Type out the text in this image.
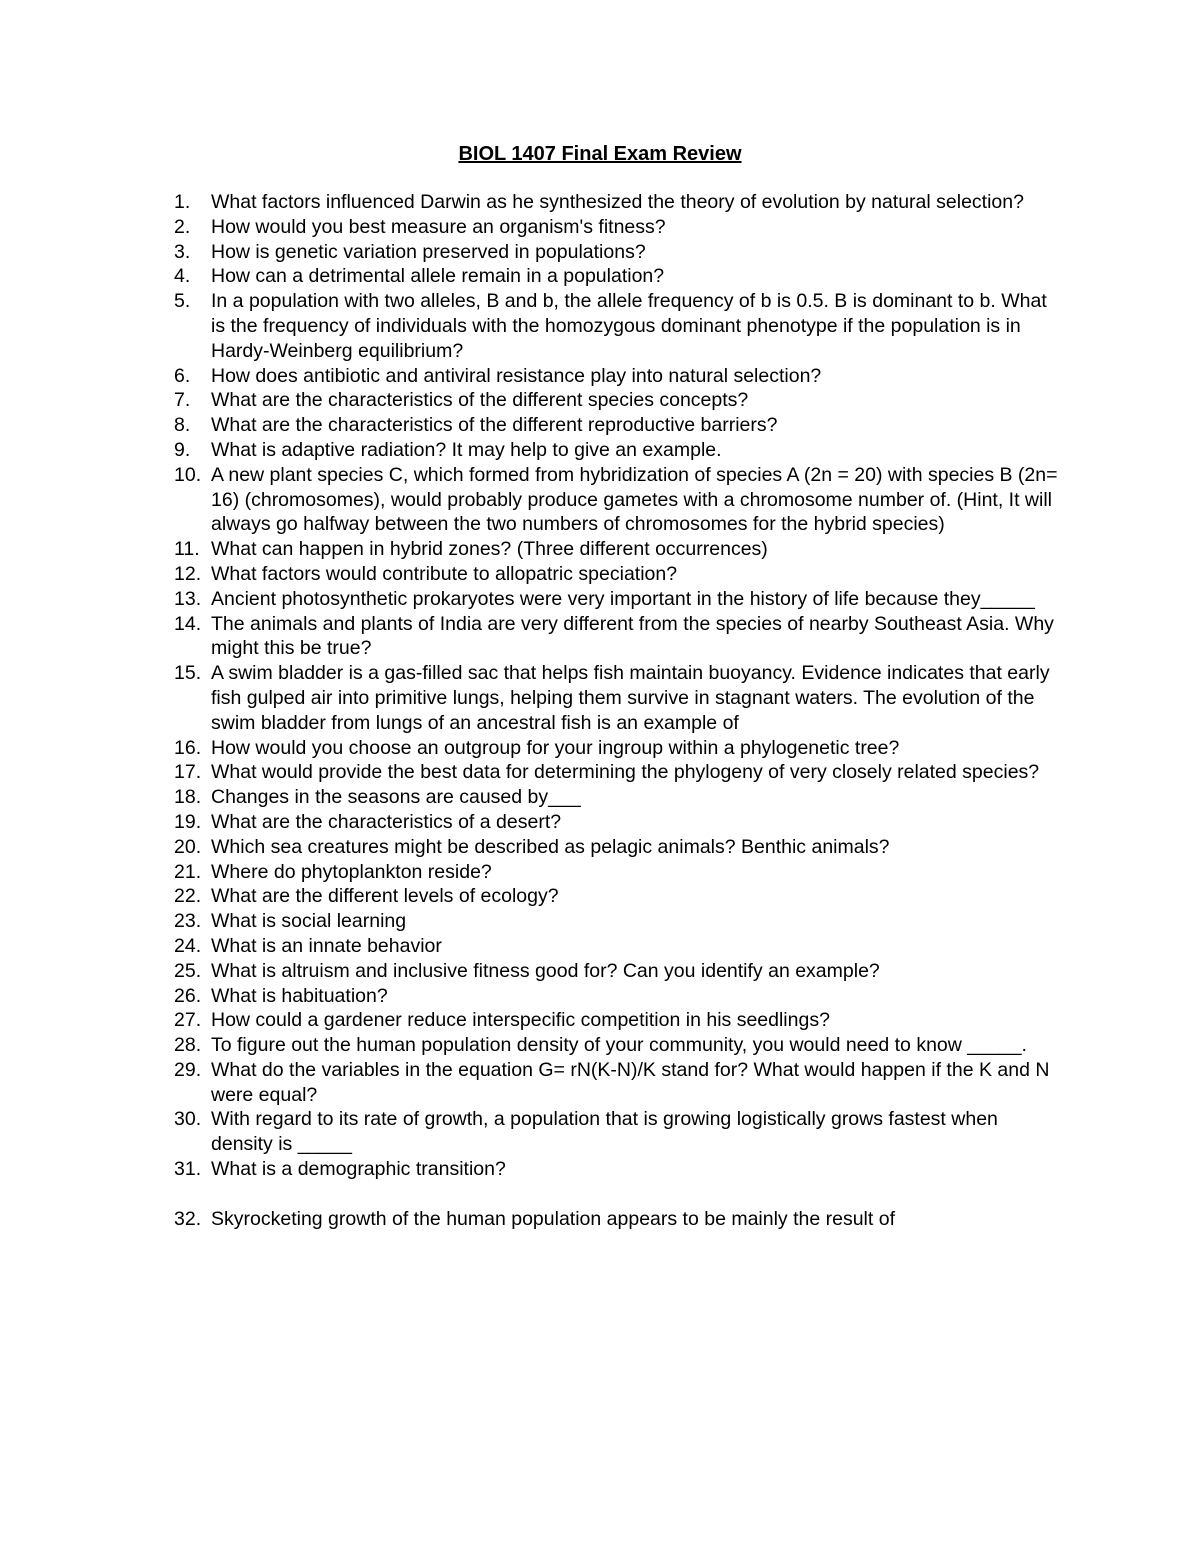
BIOL 1407 Final Exam Review
1. What factors influenced Darwin as he synthesized the theory of evolution by natural selection?
2. How would you best measure an organism's fitness?
3. How is genetic variation preserved in populations?
4. How can a detrimental allele remain in a population?
5. In a population with two alleles, B and b, the allele frequency of b is 0.5. B is dominant to b. What is the frequency of individuals with the homozygous dominant phenotype if the population is in Hardy-Weinberg equilibrium?
6. How does antibiotic and antiviral resistance play into natural selection?
7. What are the characteristics of the different species concepts?
8. What are the characteristics of the different reproductive barriers?
9. What is adaptive radiation? It may help to give an example.
10. A new plant species C, which formed from hybridization of species A (2n = 20) with species B (2n= 16) (chromosomes), would probably produce gametes with a chromosome number of. (Hint, It will always go halfway between the two numbers of chromosomes for the hybrid species)
11. What can happen in hybrid zones? (Three different occurrences)
12. What factors would contribute to allopatric speciation?
13. Ancient photosynthetic prokaryotes were very important in the history of life because they_____
14. The animals and plants of India are very different from the species of nearby Southeast Asia. Why might this be true?
15. A swim bladder is a gas-filled sac that helps fish maintain buoyancy. Evidence indicates that early fish gulped air into primitive lungs, helping them survive in stagnant waters. The evolution of the swim bladder from lungs of an ancestral fish is an example of
16. How would you choose an outgroup for your ingroup within a phylogenetic tree?
17. What would provide the best data for determining the phylogeny of very closely related species?
18. Changes in the seasons are caused by___
19. What are the characteristics of a desert?
20. Which sea creatures might be described as pelagic animals? Benthic animals?
21. Where do phytoplankton reside?
22. What are the different levels of ecology?
23. What is social learning
24. What is an innate behavior
25. What is altruism and inclusive fitness good for? Can you identify an example?
26. What is habituation?
27. How could a gardener reduce interspecific competition in his seedlings?
28. To figure out the human population density of your community, you would need to know _____.
29. What do the variables in the equation G= rN(K-N)/K stand for? What would happen if the K and N were equal?
30. With regard to its rate of growth, a population that is growing logistically grows fastest when density is _____
31. What is a demographic transition?
32. Skyrocketing growth of the human population appears to be mainly the result of
